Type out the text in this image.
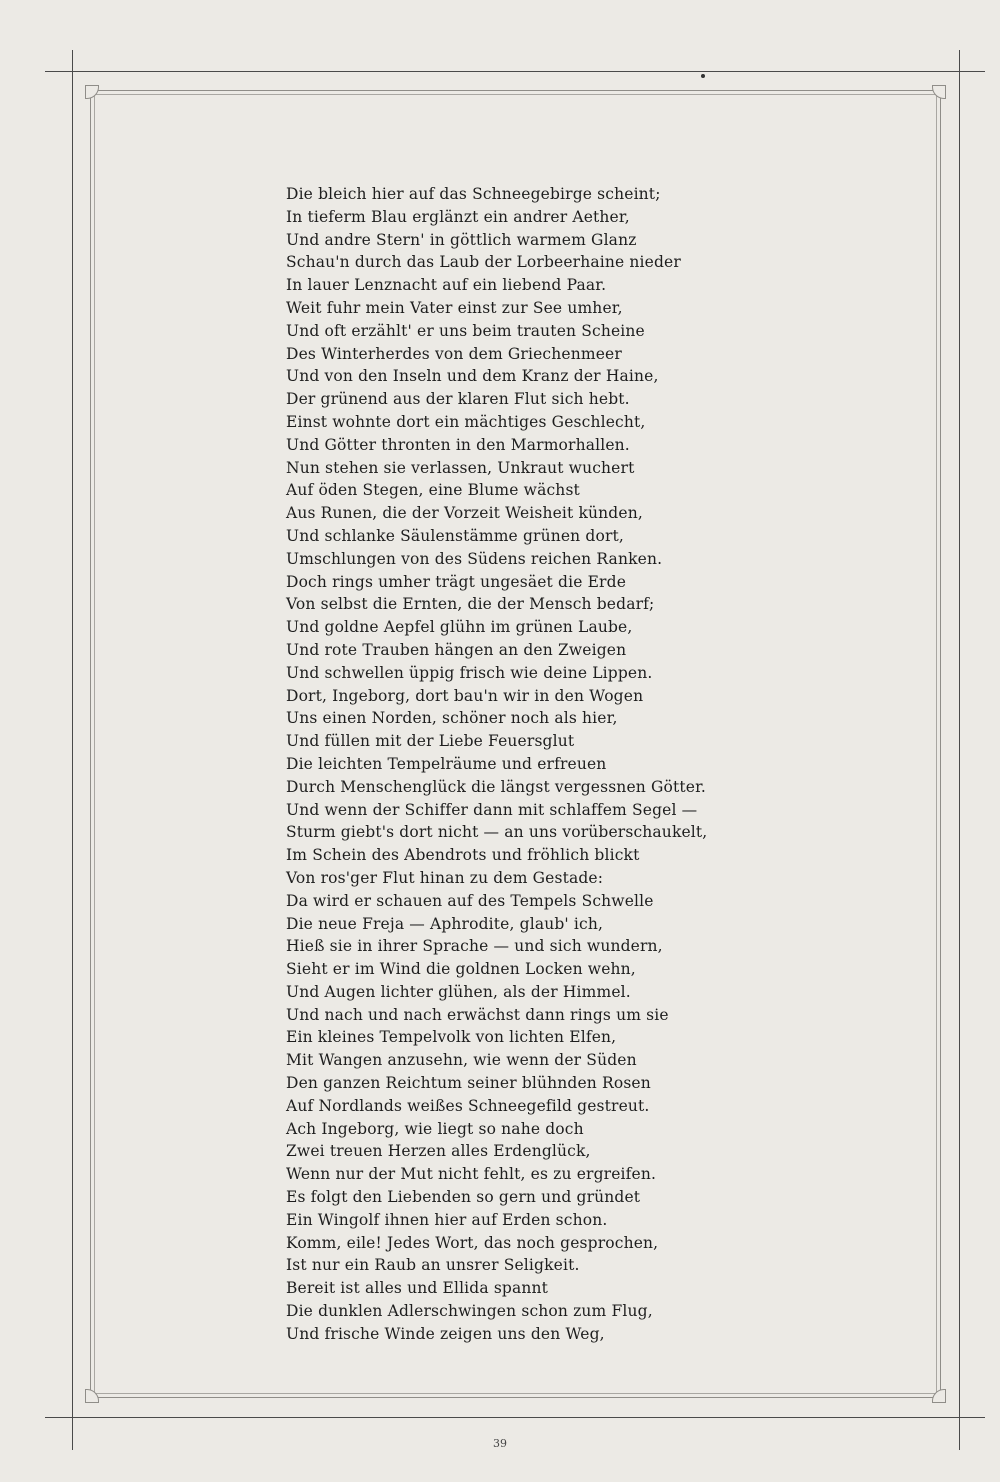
Die bleich hier auf das Schneegebirge scheint;
In tieferm Blau erglänzt ein andrer Aether,
Und andre Stern' in göttlich warmem Glanz
Schau'n durch das Laub der Lorbeerhaine nieder
In lauer Lenznacht auf ein liebend Paar.
Weit fuhr mein Vater einst zur See umher,
Und oft erzählt' er uns beim trauten Scheine
Des Winterherdes von dem Griechenmeer
Und von den Inseln und dem Kranz der Haine,
Der grünend aus der klaren Flut sich hebt.
Einst wohnte dort ein mächtiges Geschlecht,
Und Götter thronten in den Marmorhallen.
Nun stehen sie verlassen, Unkraut wuchert
Auf öden Stegen, eine Blume wächst
Aus Runen, die der Vorzeit Weisheit künden,
Und schlanke Säulenstämme grünen dort,
Umschlungen von des Südens reichen Ranken.
Doch rings umher trägt ungesäet die Erde
Von selbst die Ernten, die der Mensch bedarf;
Und goldne Aepfel glühn im grünen Laube,
Und rote Trauben hängen an den Zweigen
Und schwellen üppig frisch wie deine Lippen.
Dort, Ingeborg, dort bau'n wir in den Wogen
Uns einen Norden, schöner noch als hier,
Und füllen mit der Liebe Feuersglut
Die leichten Tempelräume und erfreuen
Durch Menschenglück die längst vergessnen Götter.
Und wenn der Schiffer dann mit schlaffem Segel —
Sturm giebt's dort nicht — an uns vorüberschaukelt,
Im Schein des Abendrots und fröhlich blickt
Von ros'ger Flut hinan zu dem Gestade:
Da wird er schauen auf des Tempels Schwelle
Die neue Freja — Aphrodite, glaub' ich,
Hieß sie in ihrer Sprache — und sich wundern,
Sieht er im Wind die goldnen Locken wehn,
Und Augen lichter glühen, als der Himmel.
Und nach und nach erwächst dann rings um sie
Ein kleines Tempelvolk von lichten Elfen,
Mit Wangen anzusehn, wie wenn der Süden
Den ganzen Reichtum seiner blühnden Rosen
Auf Nordlands weißes Schneegefild gestreut.
Ach Ingeborg, wie liegt so nahe doch
Zwei treuen Herzen alles Erdenglück,
Wenn nur der Mut nicht fehlt, es zu ergreifen.
Es folgt den Liebenden so gern und gründet
Ein Wingolf ihnen hier auf Erden schon.
Komm, eile! Jedes Wort, das noch gesprochen,
Ist nur ein Raub an unsrer Seligkeit.
Bereit ist alles und Ellida spannt
Die dunklen Adlerschwingen schon zum Flug,
Und frische Winde zeigen uns den Weg,
39
